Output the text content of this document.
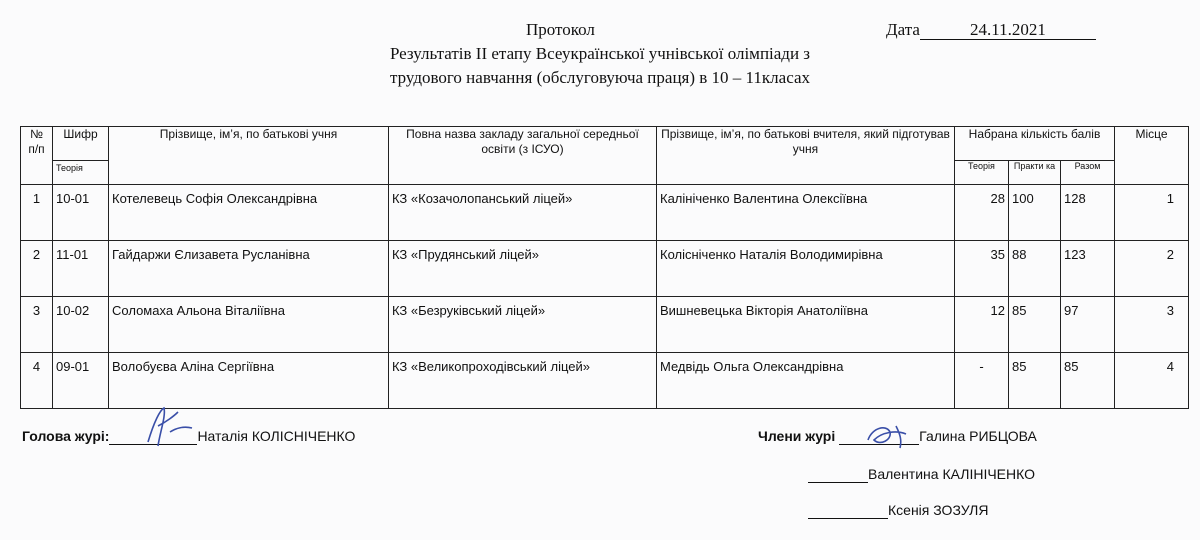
Протокол	Дата	24.11.2021
Результатів ІІ етапу Всеукраїнської учнівської олімпіади з
трудового навчання (обслуговуюча праця) в 10 – 11класах
№ п/п	Шифр	Прізвище, ім’я, по батькові учня	Повна назва закладу загальної середньої освіти (з ІСУО)	Прізвище, ім’я, по батькові вчителя, який підготував учня	Набрана кількість балів			Місце
	Теорія				Теорія	Практи ка	Разом	
1	10-01	Котелевець Софія Олександрівна	КЗ «Козачолопанський ліцей»	Калініченко Валентина Олексіївна	28	100	128	1
2	11-01	Гайдаржи Єлизавета Русланівна	КЗ «Прудянський ліцей»	Колісніченко Наталія Володимирівна	35	88	123	2
3	10-02	Соломаха Альона Віталіївна	КЗ «Безруківський ліцей»	Вишневецька Вікторія Анатоліївна	12	85	97	3
4	09-01	Волобуєва Аліна Сергіївна	КЗ «Великопроходівський ліцей»	Медвідь Ольга Олександрівна	-	85	85	4
Голова журі:	Наталія КОЛІСНІЧЕНКО	Члени журі	Галина РИБЦОВА
Валентина КАЛІНІЧЕНКО
Ксенія ЗОЗУЛЯ
